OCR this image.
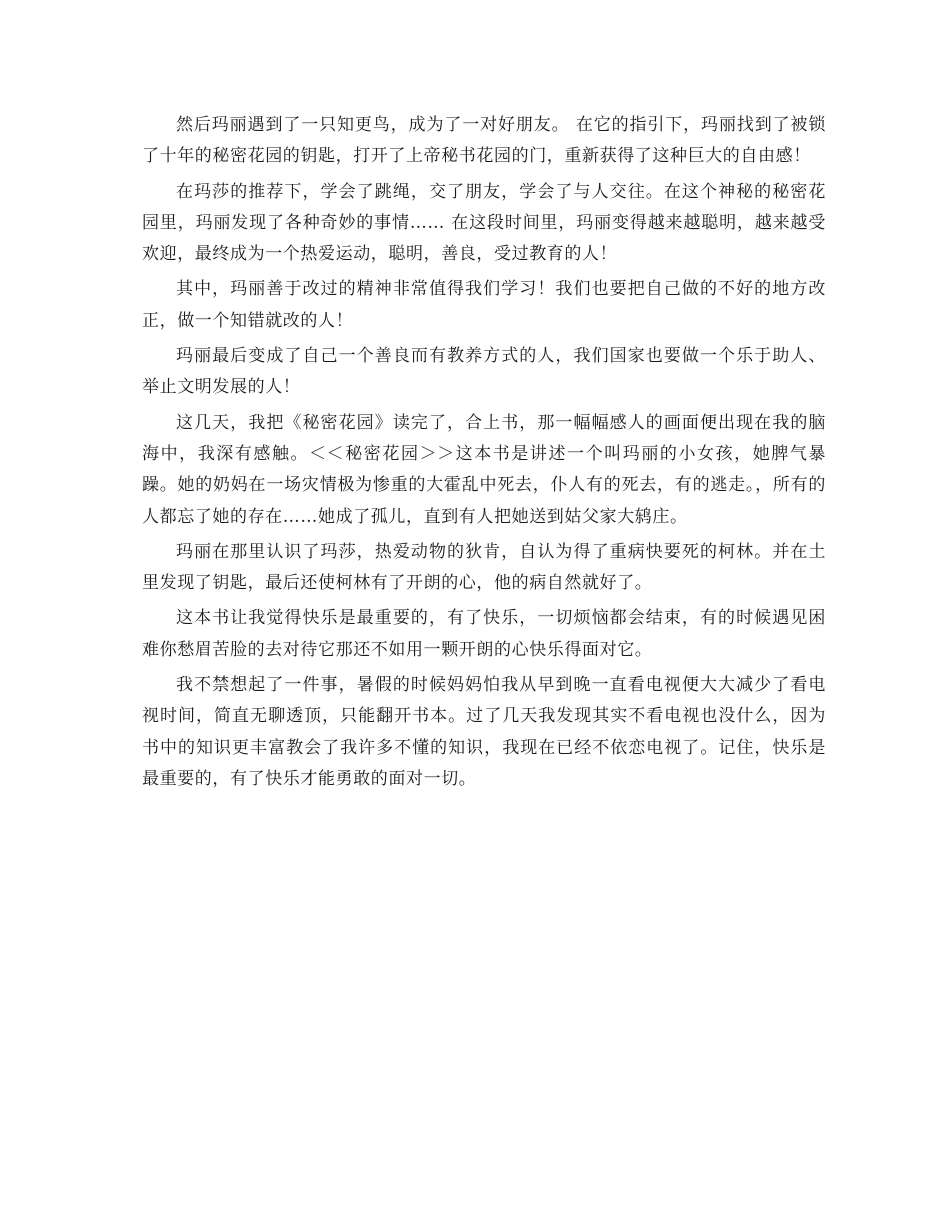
然后玛丽遇到了一只知更鸟，成为了一对好朋友。 在它的指引下，玛丽找到了被锁了十年的秘密花园的钥匙，打开了上帝秘书花园的门，重新获得了这种巨大的自由感！

在玛莎的推荐下，学会了跳绳，交了朋友，学会了与人交往。在这个神秘的秘密花园里，玛丽发现了各种奇妙的事情…… 在这段时间里，玛丽变得越来越聪明，越来越受欢迎，最终成为一个热爱运动，聪明，善良，受过教育的人！

其中，玛丽善于改过的精神非常值得我们学习！我们也要把自己做的不好的地方改正，做一个知错就改的人！

玛丽最后变成了自己一个善良而有教养方式的人，我们国家也要做一个乐于助人、举止文明发展的人！

这几天，我把《秘密花园》读完了，合上书，那一幅幅感人的画面便出现在我的脑海中，我深有感触。＜＜秘密花园＞＞这本书是讲述一个叫玛丽的小女孩，她脾气暴躁。她的奶妈在一场灾情极为惨重的大霍乱中死去，仆人有的死去，有的逃走。，所有的人都忘了她的存在……她成了孤儿，直到有人把她送到姑父家大鸫庄。

玛丽在那里认识了玛莎，热爱动物的狄肯，自认为得了重病快要死的柯林。并在土里发现了钥匙，最后还使柯林有了开朗的心，他的病自然就好了。

这本书让我觉得快乐是最重要的，有了快乐，一切烦恼都会结束，有的时候遇见困难你愁眉苦脸的去对待它那还不如用一颗开朗的心快乐得面对它。

我不禁想起了一件事，暑假的时候妈妈怕我从早到晚一直看电视便大大减少了看电视时间，简直无聊透顶，只能翻开书本。过了几天我发现其实不看电视也没什么，因为书中的知识更丰富教会了我许多不懂的知识，我现在已经不依恋电视了。记住，快乐是最重要的，有了快乐才能勇敢的面对一切。
